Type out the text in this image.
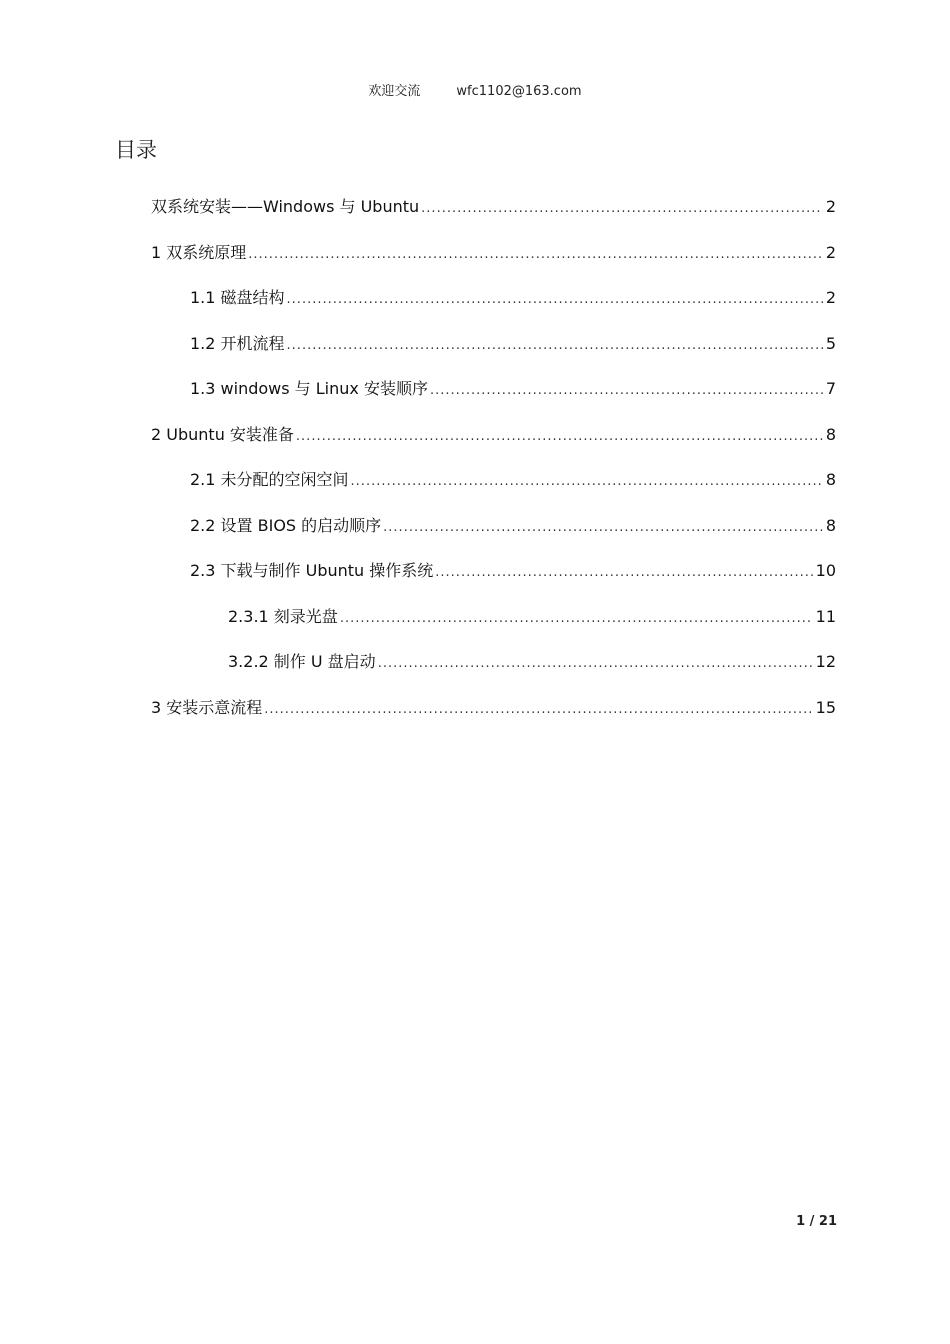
欢迎交流	wfc1102@163.com
目录
双系统安装——Windows 与 Ubuntu .....	2
1 双系统原理 .....	2
1.1 磁盘结构 .....	2
1.2 开机流程 .....	5
1.3 windows 与 Linux 安装顺序 .....	7
2 Ubuntu 安装准备 .....	8
2.1 未分配的空闲空间 .....	8
2.2 设置 BIOS 的启动顺序 .....	8
2.3 下载与制作 Ubuntu 操作系统 .....	10
2.3.1 刻录光盘 .....	11
3.2.2 制作 U 盘启动 .....	12
3 安装示意流程 .....	15
1 / 21
